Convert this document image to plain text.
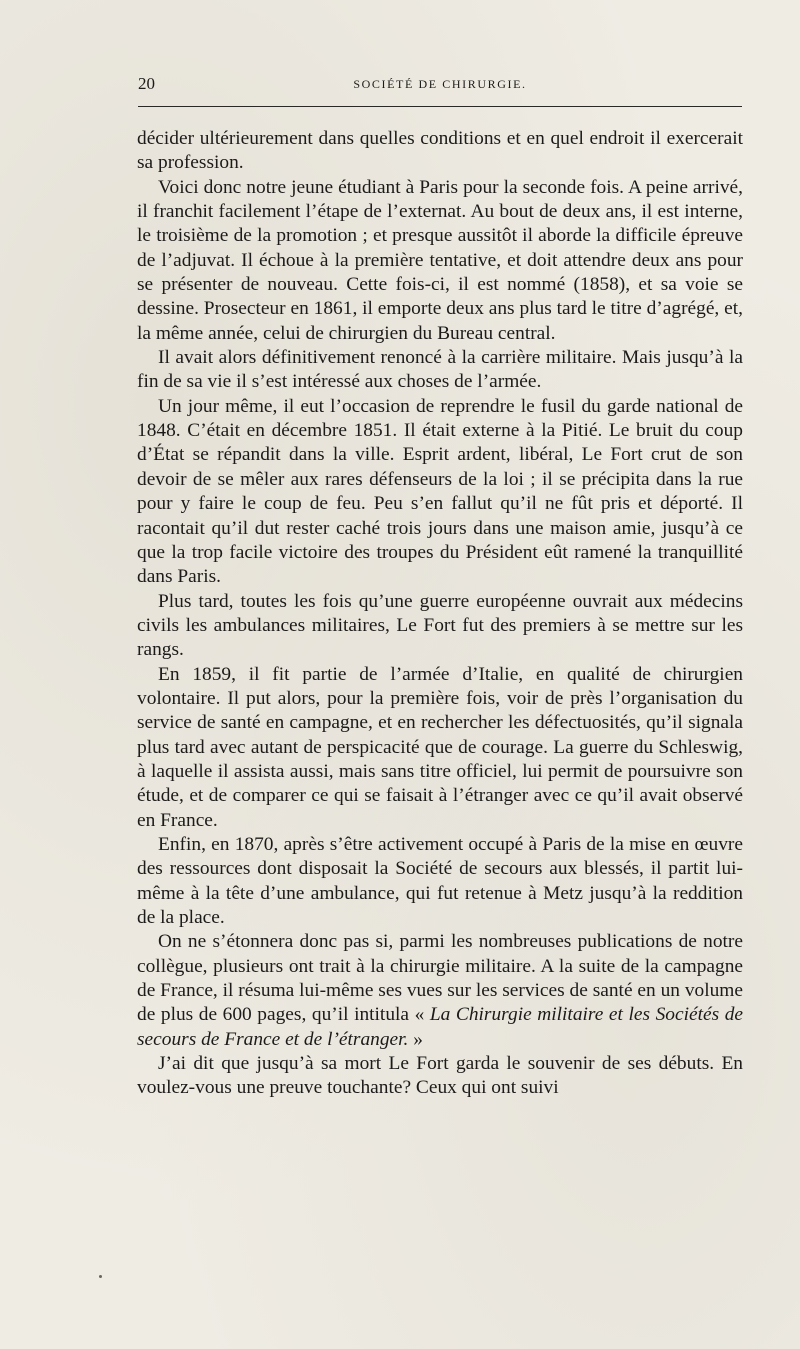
20	SOCIÉTÉ DE CHIRURGIE.

décider ultérieurement dans quelles conditions et en quel endroit il exercerait sa profession.

Voici donc notre jeune étudiant à Paris pour la seconde fois. A peine arrivé, il franchit facilement l’étape de l’externat. Au bout de deux ans, il est interne, le troisième de la promotion ; et presque aussitôt il aborde la difficile épreuve de l’adjuvat. Il échoue à la première tentative, et doit attendre deux ans pour se présenter de nouveau. Cette fois-ci, il est nommé (1858), et sa voie se dessine. Prosecteur en 1861, il emporte deux ans plus tard le titre d’agrégé, et, la même année, celui de chirurgien du Bureau central.

Il avait alors définitivement renoncé à la carrière militaire. Mais jusqu’à la fin de sa vie il s’est intéressé aux choses de l’armée.

Un jour même, il eut l’occasion de reprendre le fusil du garde national de 1848. C’était en décembre 1851. Il était externe à la Pitié. Le bruit du coup d’État se répandit dans la ville. Esprit ardent, libéral, Le Fort crut de son devoir de se mêler aux rares défenseurs de la loi ; il se précipita dans la rue pour y faire le coup de feu. Peu s’en fallut qu’il ne fût pris et déporté. Il racontait qu’il dut rester caché trois jours dans une maison amie, jusqu’à ce que la trop facile victoire des troupes du Président eût ramené la tranquillité dans Paris.

Plus tard, toutes les fois qu’une guerre européenne ouvrait aux médecins civils les ambulances militaires, Le Fort fut des premiers à se mettre sur les rangs.

En 1859, il fit partie de l’armée d’Italie, en qualité de chirurgien volontaire. Il put alors, pour la première fois, voir de près l’organisation du service de santé en campagne, et en rechercher les défectuosités, qu’il signala plus tard avec autant de perspicacité que de courage. La guerre du Schleswig, à laquelle il assista aussi, mais sans titre officiel, lui permit de poursuivre son étude, et de comparer ce qui se faisait à l’étranger avec ce qu’il avait observé en France.

Enfin, en 1870, après s’être activement occupé à Paris de la mise en œuvre des ressources dont disposait la Société de secours aux blessés, il partit lui-même à la tête d’une ambulance, qui fut retenue à Metz jusqu’à la reddition de la place.

On ne s’étonnera donc pas si, parmi les nombreuses publications de notre collègue, plusieurs ont trait à la chirurgie militaire. A la suite de la campagne de France, il résuma lui-même ses vues sur les services de santé en un volume de plus de 600 pages, qu’il intitula « La Chirurgie militaire et les Sociétés de secours de France et de l’étranger. »

J’ai dit que jusqu’à sa mort Le Fort garda le souvenir de ses débuts. En voulez-vous une preuve touchante? Ceux qui ont suivi
